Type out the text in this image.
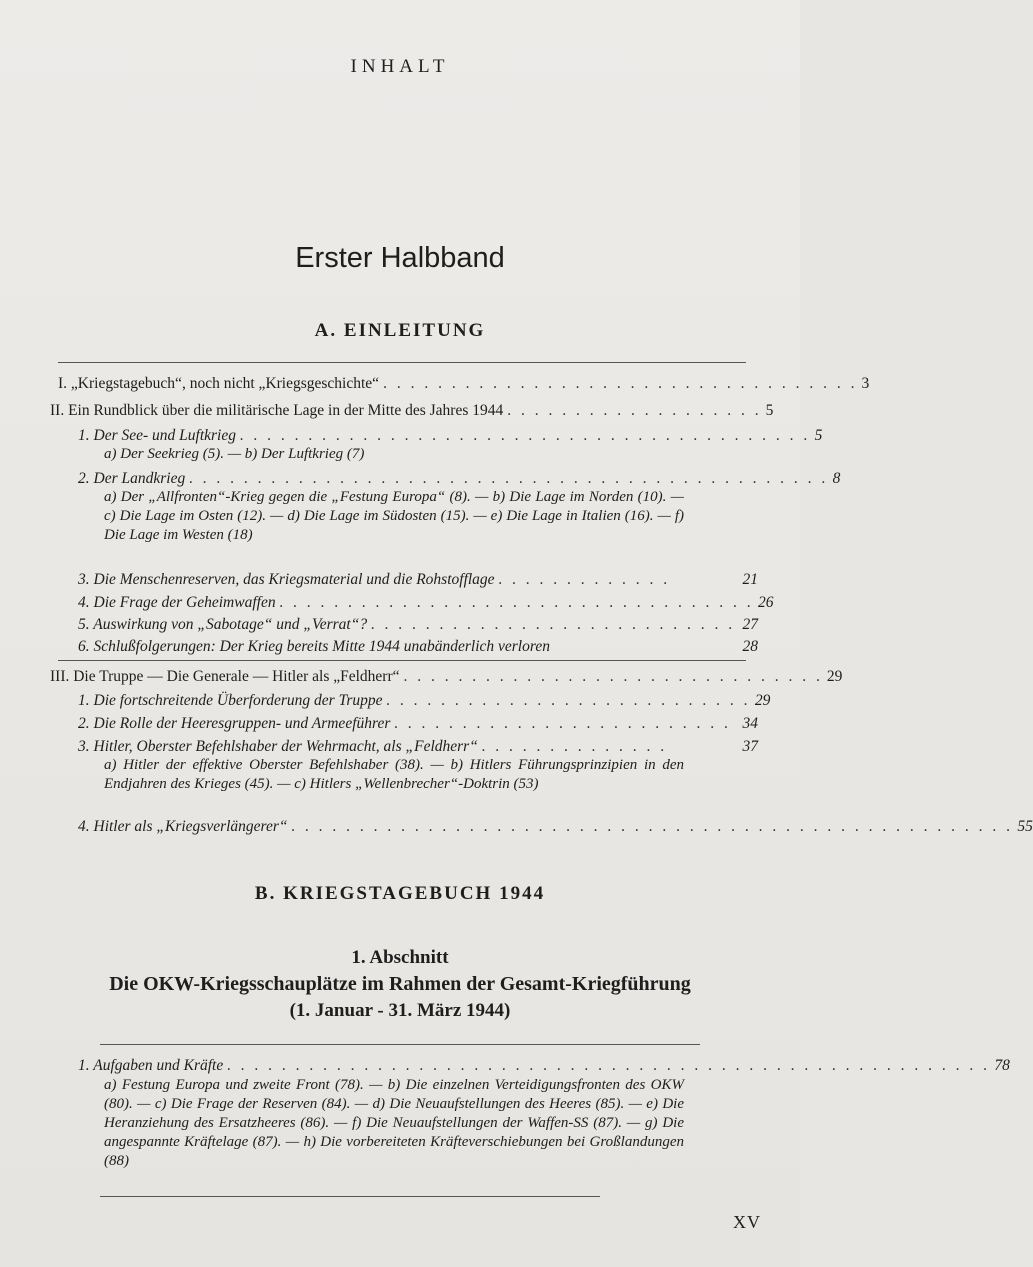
INHALT
Erster Halbband
A. EINLEITUNG
I. „Kriegstagebuch“, noch nicht „Kriegsgeschichte“ . . . . . . . . . . . . . . . . . . . . . . . . . . . . . . . . . . . 3
II. Ein Rundblick über die militärische Lage in der Mitte des Jahres 1944 . . . . . . . . . . . . . . . . . . . 5
1. Der See- und Luftkrieg . . . . . . . . . . . . . . . . . . . . . . . . . . . . . . . . . . . . . . . . . . 5
a) Der Seekrieg (5). — b) Der Luftkrieg (7)
2. Der Landkrieg . . . . . . . . . . . . . . . . . . . . . . . . . . . . . . . . . . . . . . . . . . . . . . . 8
a) Der „Allfronten“-Krieg gegen die „Festung Europa“ (8). — b) Die Lage im Norden (10). — c) Die Lage im Osten (12). — d) Die Lage im Südosten (15). — e) Die Lage in Italien (16). — f) Die Lage im Westen (18)
3. Die Menschenreserven, das Kriegsmaterial und die Rohstofflage . . . . . . . . . . . . .	21
4. Die Frage der Geheimwaffen . . . . . . . . . . . . . . . . . . . . . . . . . . . . . . . . . . . 26
5. Auswirkung von „Sabotage“ und „Verrat“? . . . . . . . . . . . . . . . . . . . . . . . . . . . 27
6. Schlußfolgerungen: Der Krieg bereits Mitte 1944 unabänderlich verloren	28
III. Die Truppe — Die Generale — Hitler als „Feldherr“ . . . . . . . . . . . . . . . . . . . . . . . . . . . . . . . 29
1. Die fortschreitende Überforderung der Truppe . . . . . . . . . . . . . . . . . . . . . . . . . . . 29
2. Die Rolle der Heeresgruppen- und Armeeführer . . . . . . . . . . . . . . . . . . . . . . . . . 34
3. Hitler, Oberster Befehlshaber der Wehrmacht, als „Feldherr“ . . . . . . . . . . . . . .	37
a) Hitler der effektive Oberster Befehlshaber (38). — b) Hitlers Führungsprinzipien in den Endjahren des Krieges (45). — c) Hitlers „Wellenbrecher“-Doktrin (53)
4. Hitler als „Kriegsverlängerer“ . . . . . . . . . . . . . . . . . . . . . . . . . . . . . . . . . . . . . . . . . . . . . . . . . . . . . 55
B. KRIEGSTAGEBUCH 1944
1. Abschnitt
Die OKW-Kriegsschauplätze im Rahmen der Gesamt-Kriegführung
(1. Januar - 31. März 1944)
1. Aufgaben und Kräfte . . . . . . . . . . . . . . . . . . . . . . . . . . . . . . . . . . . . . . . . . . . . . . . . . . . . . . . . 78
a) Festung Europa und zweite Front (78). — b) Die einzelnen Verteidigungsfronten des OKW (80). — c) Die Frage der Reserven (84). — d) Die Neuaufstellungen des Heeres (85). — e) Die Heranziehung des Ersatzheeres (86). — f) Die Neuaufstellungen der Waffen-SS (87). — g) Die angespannte Kräftelage (87). — h) Die vorbereiteten Kräfteverschiebungen bei Großlandungen (88)
XV
